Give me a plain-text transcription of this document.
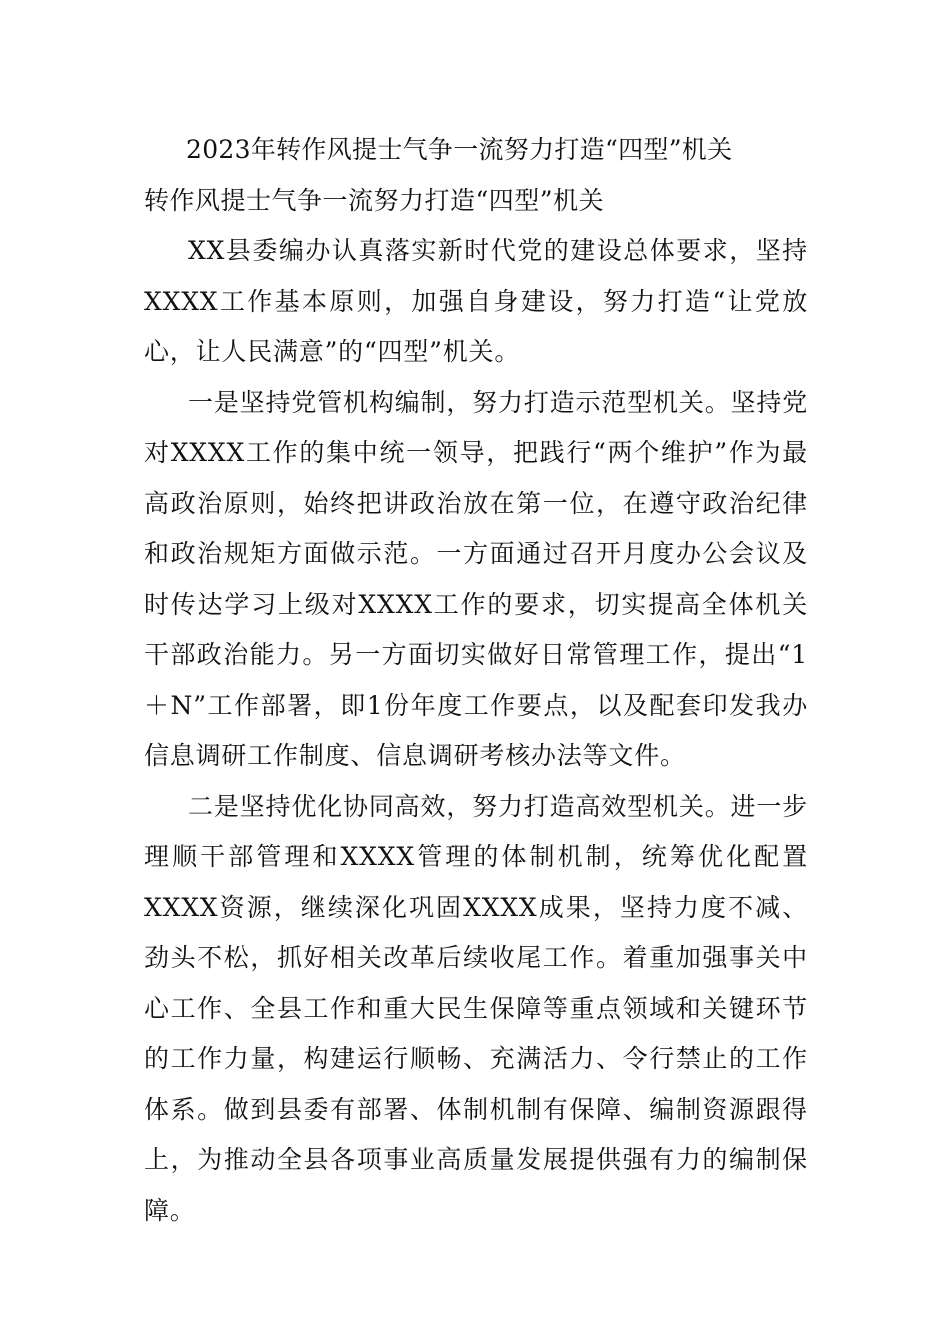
2023年转作风提士气争一流努力打造“四型”机关

转作风提士气争一流努力打造“四型”机关

XX县委编办认真落实新时代党的建设总体要求，坚持XXXX工作基本原则，加强自身建设，努力打造“让党放心，让人民满意”的“四型”机关。

一是坚持党管机构编制，努力打造示范型机关。坚持党对XXXX工作的集中统一领导，把践行“两个维护”作为最高政治原则，始终把讲政治放在第一位，在遵守政治纪律和政治规矩方面做示范。一方面通过召开月度办公会议及时传达学习上级对XXXX工作的要求，切实提高全体机关干部政治能力。另一方面切实做好日常管理工作，提出“1＋N”工作部署，即1份年度工作要点，以及配套印发我办信息调研工作制度、信息调研考核办法等文件。

二是坚持优化协同高效，努力打造高效型机关。进一步理顺干部管理和XXXX管理的体制机制，统筹优化配置XXXX资源，继续深化巩固XXXX成果，坚持力度不减、劲头不松，抓好相关改革后续收尾工作。着重加强事关中心工作、全县工作和重大民生保障等重点领域和关键环节的工作力量，构建运行顺畅、充满活力、令行禁止的工作体系。做到县委有部署、体制机制有保障、编制资源跟得上，为推动全县各项事业高质量发展提供强有力的编制保障。
